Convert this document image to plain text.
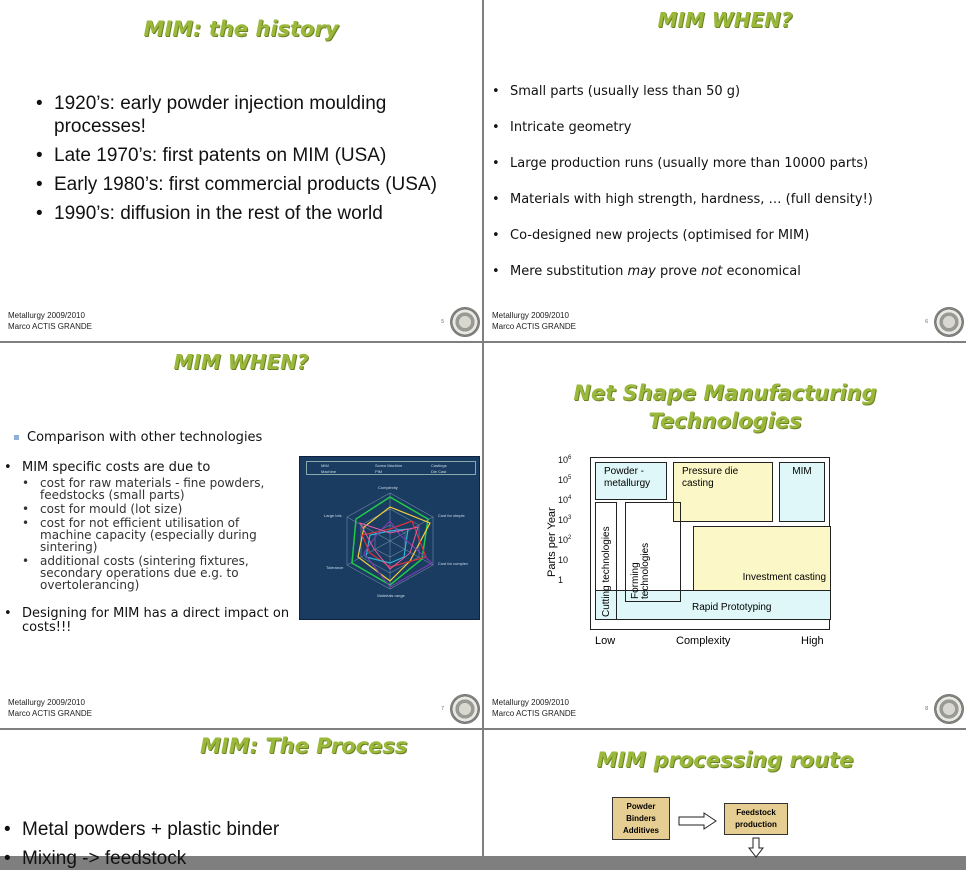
MIM: the history
• 1920’s: early powder injection moulding processes!
• Late 1970’s: first patents on MIM (USA)
• Early 1980’s: first commercial products (USA)
• 1990’s: diffusion in the rest of the world
Metallurgy 2009/2010
Marco ACTIS GRANDE	5
MIM WHEN?
• Small parts (usually less than 50 g)
• Intricate geometry
• Large production runs (usually more than 10000 parts)
• Materials with high strength, hardness, … (full density!)
• Co-designed new projects (optimised for MIM)
• Mere substitution may prove not economical
Metallurgy 2009/2010
Marco ACTIS GRANDE	6
MIM WHEN?
Comparison with other technologies
• MIM specific costs are due to
• cost for raw materials - fine powders, feedstocks (small parts)
• cost for mould (lot size)
• cost for not efficient utilisation of machine capacity (especially during sintering)
• additional costs (sintering fixtures, secondary operations due e.g. to overtolerancing)
• Designing for MIM has a direct impact on costs!!!
MIM	Screw Machine	Castings
Machine	PIM	Die Cast
Complexity
Cost for simple
Cost for complex
Materials range
Tolerance
Large lots
Metallurgy 2009/2010
Marco ACTIS GRANDE	7
Net Shape Manufacturing
Technologies
$10^6$
$10^5$
$10^4$
$10^3$
$10^2$
10
1
Parts per Year
Powder - metallurgy
Pressure die casting
MIM
Investment casting
Rapid Prototyping
Cutting technologies Forming technologies
Low	Complexity	High
Metallurgy 2009/2010
Marco ACTIS GRANDE	8
MIM: The Process
• Metal powders + plastic binder
• Mixing -> feedstock
MIM processing route
Powder
Binders
Additives
Feedstock
production
